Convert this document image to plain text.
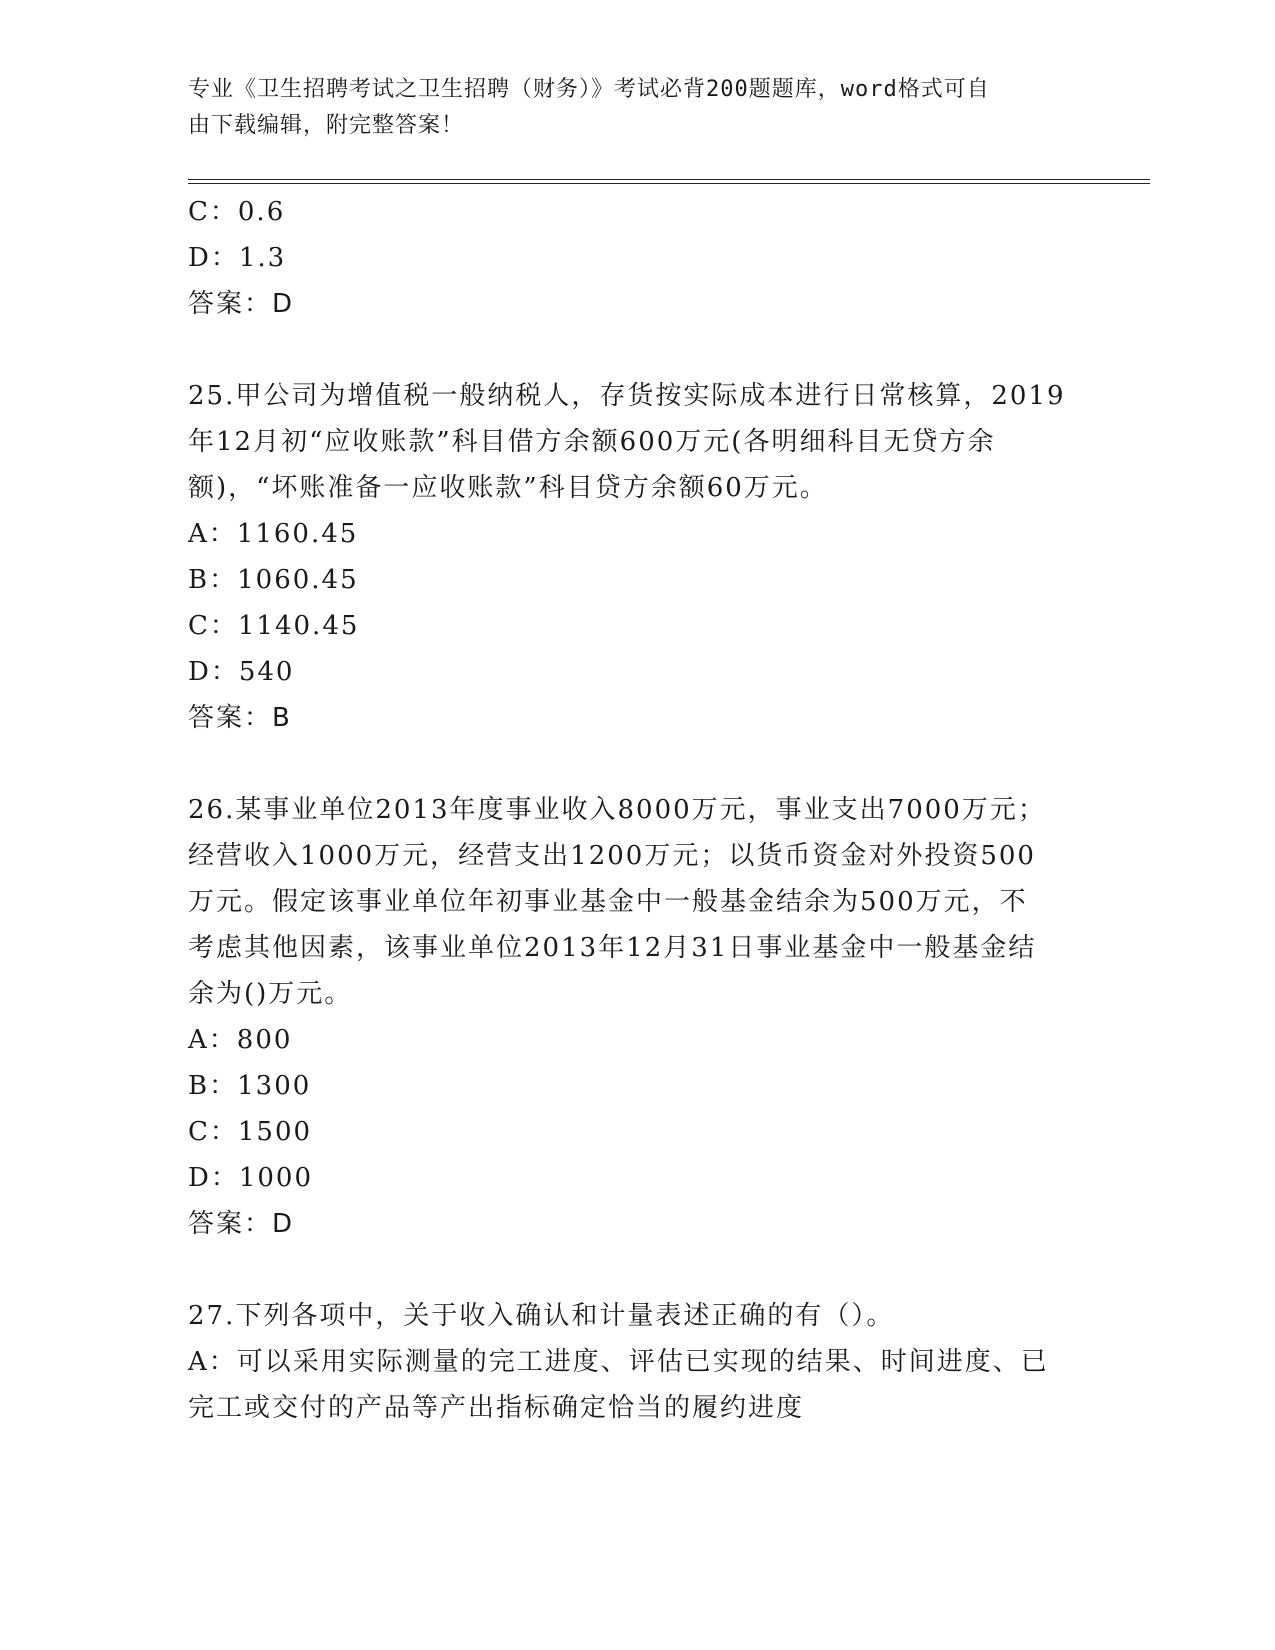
专业《卫生招聘考试之卫生招聘（财务）》考试必背200题题库，word格式可自
由下载编辑，附完整答案！
C：0.6
D：1.3
答案：D
25.甲公司为增值税一般纳税人，存货按实际成本进行日常核算，2019
年12月初“应收账款”科目借方余额600万元(各明细科目无贷方余
额)，“坏账准备一应收账款”科目贷方余额60万元。
A：1160.45
B：1060.45
C：1140.45
D：540
答案：B
26.某事业单位2013年度事业收入8000万元，事业支出7000万元；
经营收入1000万元，经营支出1200万元；以货币资金对外投资500
万元。假定该事业单位年初事业基金中一般基金结余为500万元，不
考虑其他因素，该事业单位2013年12月31日事业基金中一般基金结
余为()万元。
A：800
B：1300
C：1500
D：1000
答案：D
27.下列各项中，关于收入确认和计量表述正确的有（）。
A：可以采用实际测量的完工进度、评估已实现的结果、时间进度、已
完工或交付的产品等产出指标确定恰当的履约进度
